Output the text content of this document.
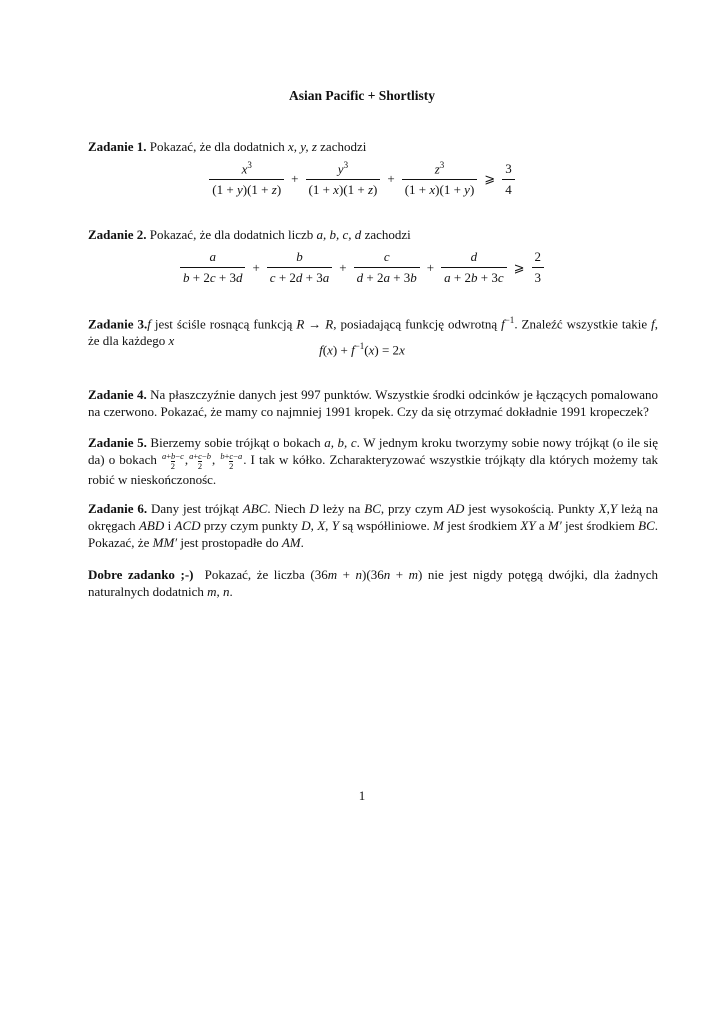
Asian Pacific + Shortlisty
Zadanie 1. Pokazać, że dla dodatnich x, y, z zachodzi
$\frac{x^3}{(1 + y)(1 + z)} + \frac{y^3}{(1 + x)(1 + z)} + \frac{z^3}{(1 + x)(1 + y)}$ ⩾ $\frac{3}{4}$
Zadanie 2. Pokazać, że dla dodatnich liczb a, b, c, d zachodzi
$\frac{a}{b + 2c + 3d} + \frac{b}{c + 2d + 3a} + \frac{c}{d + 2a + 3b} + \frac{d}{a + 2b + 3c}$ ⩾ $\frac{2}{3}$
Zadanie 3.f jest ściśle rosnącą funkcją R → R, posiadającą funkcję odwrotną $f^{-1}$. Znaleźć wszystkie takie f, że dla każdego x
$f(x) + f^{-1}(x) = 2x$
Zadanie 4. Na płaszczyźnie danych jest 997 punktów. Wszystkie środki odcinków je łączących pomalowano na czerwono. Pokazać, że mamy co najmniej 1991 kropek. Czy da się otrzymać dokładnie 1991 kropeczek?
Zadanie 5. Bierzemy sobie trójkąt o bokach a, b, c. W jednym kroku tworzymy sobie nowy trójkąt (o ile się da) o bokach $\frac{a+b-c}{2}$ , $\frac{a+c-b}{2}$ , $\frac{b+c-a}{2}$ . I tak w kółko. Zcharakteryzować wszystkie trójkąty dla których możemy tak robić w nieskończonośc.
Zadanie 6. Dany jest trójkąt ABC. Niech D leży na BC, przy czym AD jest wysokością. Punkty X,Y leżą na okręgach ABD i ACD przy czym punkty D, X, Y są współliniowe. M jest środkiem XY a M′ jest środkiem BC. Pokazać, że MM′ jest prostopadłe do AM.
Dobre zadanko ;-)  Pokazać, że liczba (36m + n)(36n + m) nie jest nigdy potęgą dwójki, dla żadnych naturalnych dodatnich m, n.
1
